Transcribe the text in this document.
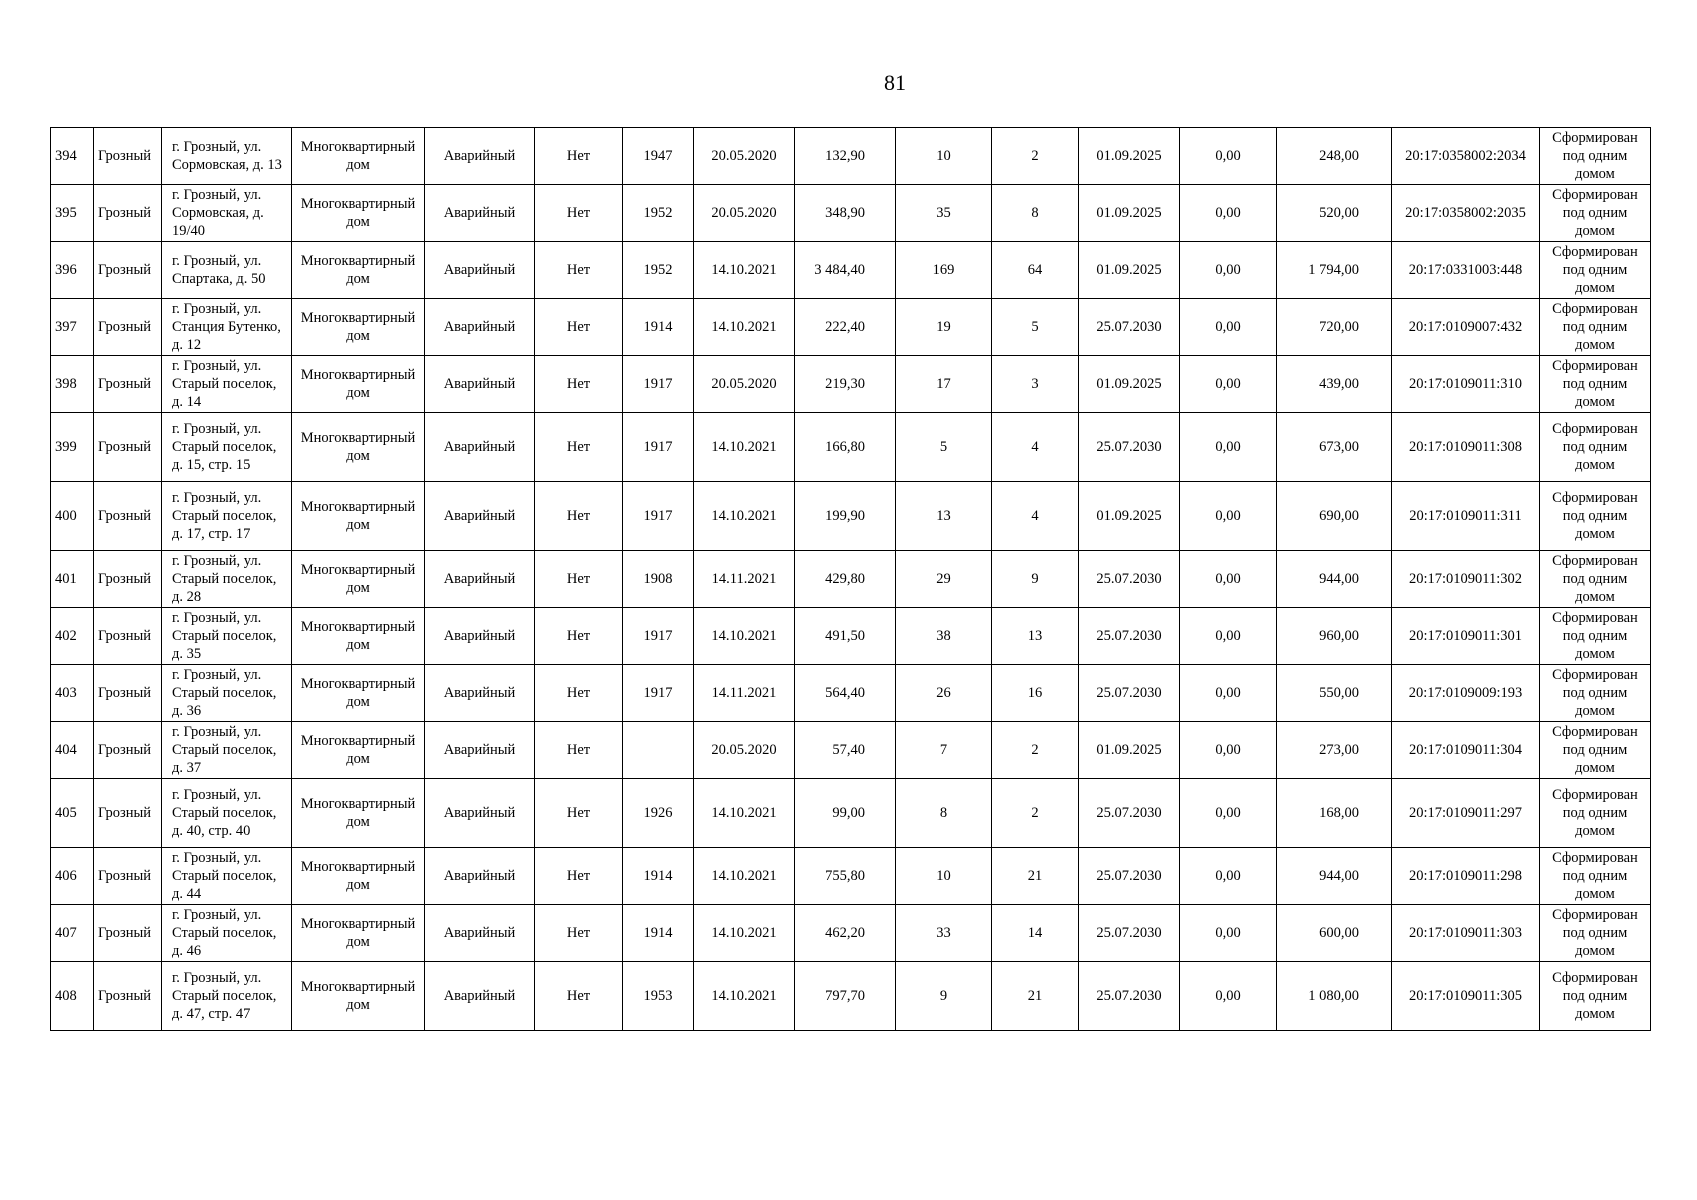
81
394	Грозный	г. Грозный, ул. Сормовская, д. 13	Многоквартирный дом	Аварийный	Нет	1947	20.05.2020	132,90	10	2	01.09.2025	0,00	248,00	20:17:0358002:2034	Сформирован под одним домом
395	Грозный	г. Грозный, ул. Сормовская, д. 19/40	Многоквартирный дом	Аварийный	Нет	1952	20.05.2020	348,90	35	8	01.09.2025	0,00	520,00	20:17:0358002:2035	Сформирован под одним домом
396	Грозный	г. Грозный, ул. Спартака, д. 50	Многоквартирный дом	Аварийный	Нет	1952	14.10.2021	3 484,40	169	64	01.09.2025	0,00	1 794,00	20:17:0331003:448	Сформирован под одним домом
397	Грозный	г. Грозный, ул. Станция Бутенко, д. 12	Многоквартирный дом	Аварийный	Нет	1914	14.10.2021	222,40	19	5	25.07.2030	0,00	720,00	20:17:0109007:432	Сформирован под одним домом
398	Грозный	г. Грозный, ул. Старый поселок, д. 14	Многоквартирный дом	Аварийный	Нет	1917	20.05.2020	219,30	17	3	01.09.2025	0,00	439,00	20:17:0109011:310	Сформирован под одним домом
399	Грозный	г. Грозный, ул. Старый поселок, д. 15, стр. 15	Многоквартирный дом	Аварийный	Нет	1917	14.10.2021	166,80	5	4	25.07.2030	0,00	673,00	20:17:0109011:308	Сформирован под одним домом
400	Грозный	г. Грозный, ул. Старый поселок, д. 17, стр. 17	Многоквартирный дом	Аварийный	Нет	1917	14.10.2021	199,90	13	4	01.09.2025	0,00	690,00	20:17:0109011:311	Сформирован под одним домом
401	Грозный	г. Грозный, ул. Старый поселок, д. 28	Многоквартирный дом	Аварийный	Нет	1908	14.11.2021	429,80	29	9	25.07.2030	0,00	944,00	20:17:0109011:302	Сформирован под одним домом
402	Грозный	г. Грозный, ул. Старый поселок, д. 35	Многоквартирный дом	Аварийный	Нет	1917	14.10.2021	491,50	38	13	25.07.2030	0,00	960,00	20:17:0109011:301	Сформирован под одним домом
403	Грозный	г. Грозный, ул. Старый поселок, д. 36	Многоквартирный дом	Аварийный	Нет	1917	14.11.2021	564,40	26	16	25.07.2030	0,00	550,00	20:17:0109009:193	Сформирован под одним домом
404	Грозный	г. Грозный, ул. Старый поселок, д. 37	Многоквартирный дом	Аварийный	Нет		20.05.2020	57,40	7	2	01.09.2025	0,00	273,00	20:17:0109011:304	Сформирован под одним домом
405	Грозный	г. Грозный, ул. Старый поселок, д. 40, стр. 40	Многоквартирный дом	Аварийный	Нет	1926	14.10.2021	99,00	8	2	25.07.2030	0,00	168,00	20:17:0109011:297	Сформирован под одним домом
406	Грозный	г. Грозный, ул. Старый поселок, д. 44	Многоквартирный дом	Аварийный	Нет	1914	14.10.2021	755,80	10	21	25.07.2030	0,00	944,00	20:17:0109011:298	Сформирован под одним домом
407	Грозный	г. Грозный, ул. Старый поселок, д. 46	Многоквартирный дом	Аварийный	Нет	1914	14.10.2021	462,20	33	14	25.07.2030	0,00	600,00	20:17:0109011:303	Сформирован под одним домом
408	Грозный	г. Грозный, ул. Старый поселок, д. 47, стр. 47	Многоквартирный дом	Аварийный	Нет	1953	14.10.2021	797,70	9	21	25.07.2030	0,00	1 080,00	20:17:0109011:305	Сформирован под одним домом
